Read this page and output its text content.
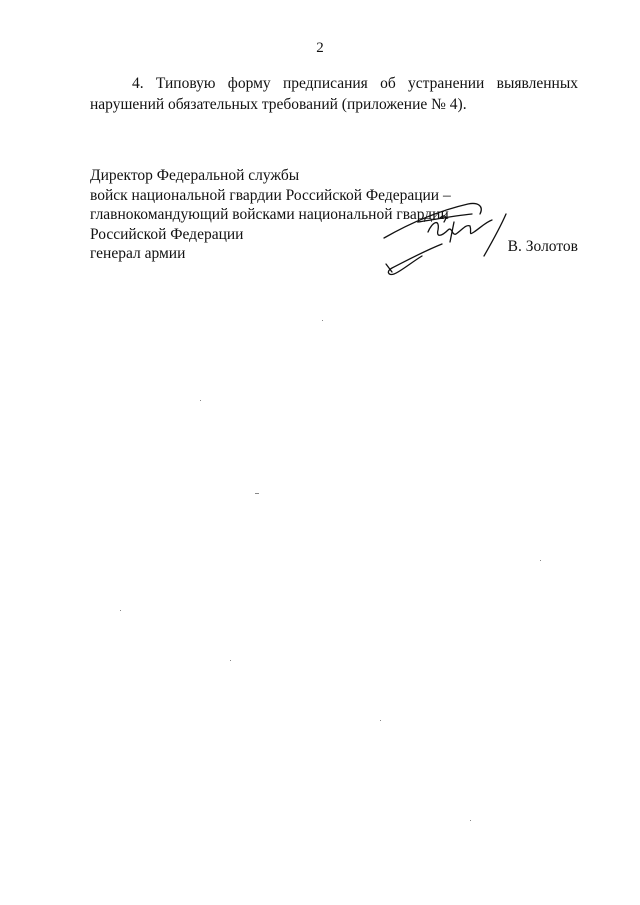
2
4. Типовую форму предписания об устранении выявленных
нарушений обязательных требований (приложение № 4).
Директор Федеральной службы
войск национальной гвардии Российской Федерации –
главнокомандующий войсками национальной гвардии
Российской Федерации
генерал армии	В. Золотов
